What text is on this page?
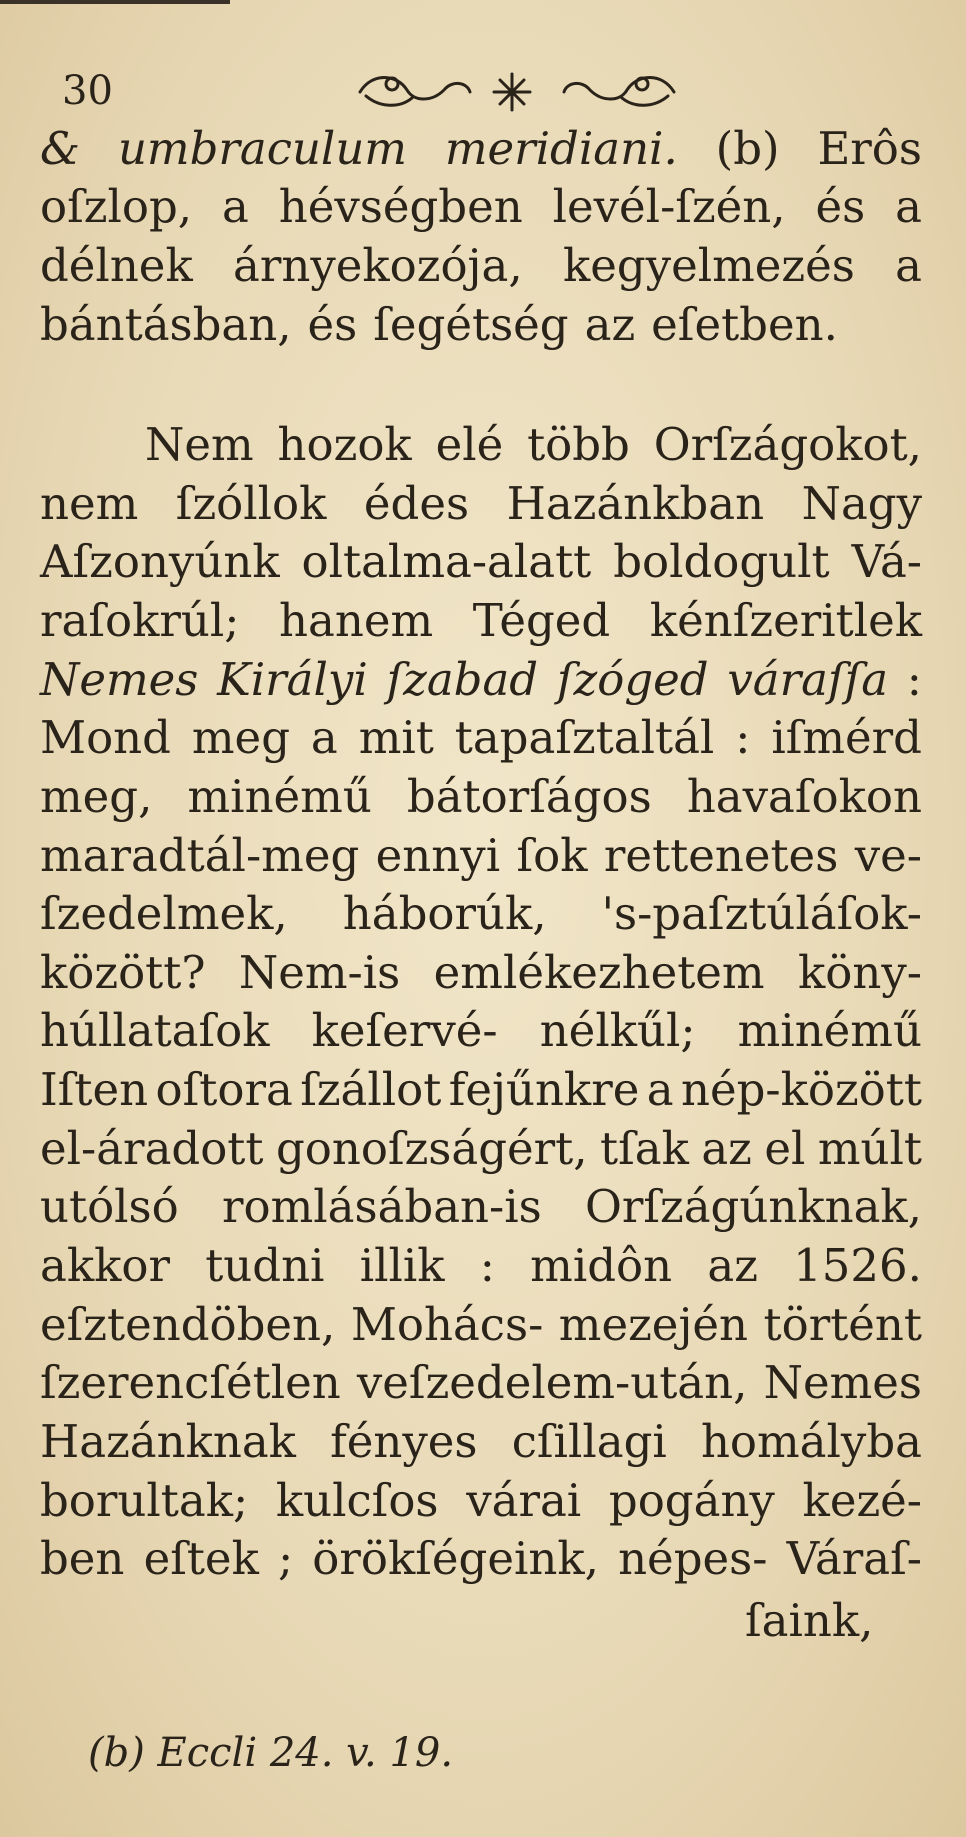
30
& umbraculum meridiani. (b) Erôs
oſzlop, a hévségben levél-ſzén, és a
délnek árnyekozója, kegyelmezés a
bántásban, és ſegétség az eſetben.
Nem hozok elé több Orſzágokot,
nem ſzóllok édes Hazánkban Nagy
Aſzonyúnk oltalma-alatt boldogult Vá-
raſokrúl; hanem Téged kénſzeritlek
Nemes Királyi ſzabad ſzóged váraſſa :
Mond meg a mit tapaſztaltál : iſmérd
meg, minémű bátorſágos havaſokon
maradtál-meg ennyi ſok rettenetes ve-
ſzedelmek, háborúk, 's-paſztúláſok-
között? Nem-is emlékezhetem köny-
húllataſok keſervé- nélkűl; minémű
Iſten oſtora ſzállot fejűnkre a nép-között
el-áradott gonoſzságért, tſak az el múlt
utólsó romlásában-is Orſzágúnknak,
akkor tudni illik : midôn az 1526.
eſztendöben, Mohács- mezején történt
ſzerencſétlen veſzedelem-után, Nemes
Hazánknak fényes cſillagi homályba
borultak; kulcſos várai pogány kezé-
ben eſtek ; örökſégeink, népes- Váraſ-
ſaink,
(b) Eccli 24. v. 19.
